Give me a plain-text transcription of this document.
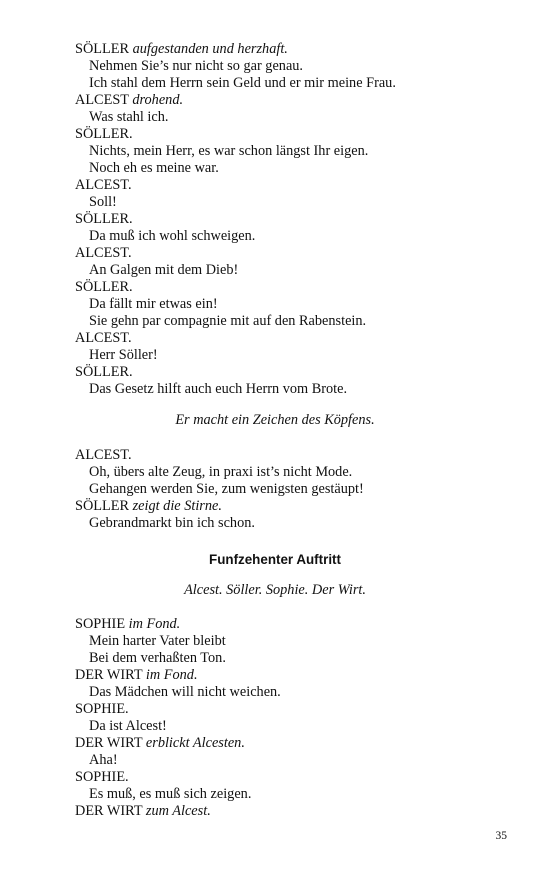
SÖLLER aufgestanden und herzhaft.
Nehmen Sie’s nur nicht so gar genau.
Ich stahl dem Herrn sein Geld und er mir meine Frau.
ALCEST drohend.
Was stahl ich.
SÖLLER.
Nichts, mein Herr, es war schon längst Ihr eigen.
Noch eh es meine war.
ALCEST.
Soll!
SÖLLER.
Da muß ich wohl schweigen.
ALCEST.
An Galgen mit dem Dieb!
SÖLLER.
Da fällt mir etwas ein!
Sie gehn par compagnie mit auf den Rabenstein.
ALCEST.
Herr Söller!
SÖLLER.
Das Gesetz hilft auch euch Herrn vom Brote.
Er macht ein Zeichen des Köpfens.
ALCEST.
Oh, übers alte Zeug, in praxi ist’s nicht Mode.
Gehangen werden Sie, zum wenigsten gestäupt!
SÖLLER zeigt die Stirne.
Gebrandmarkt bin ich schon.
Funfzehenter Auftritt
Alcest. Söller. Sophie. Der Wirt.
SOPHIE im Fond.
Mein harter Vater bleibt
Bei dem verhaßten Ton.
DER WIRT im Fond.
Das Mädchen will nicht weichen.
SOPHIE.
Da ist Alcest!
DER WIRT erblickt Alcesten.
Aha!
SOPHIE.
Es muß, es muß sich zeigen.
DER WIRT zum Alcest.
35
